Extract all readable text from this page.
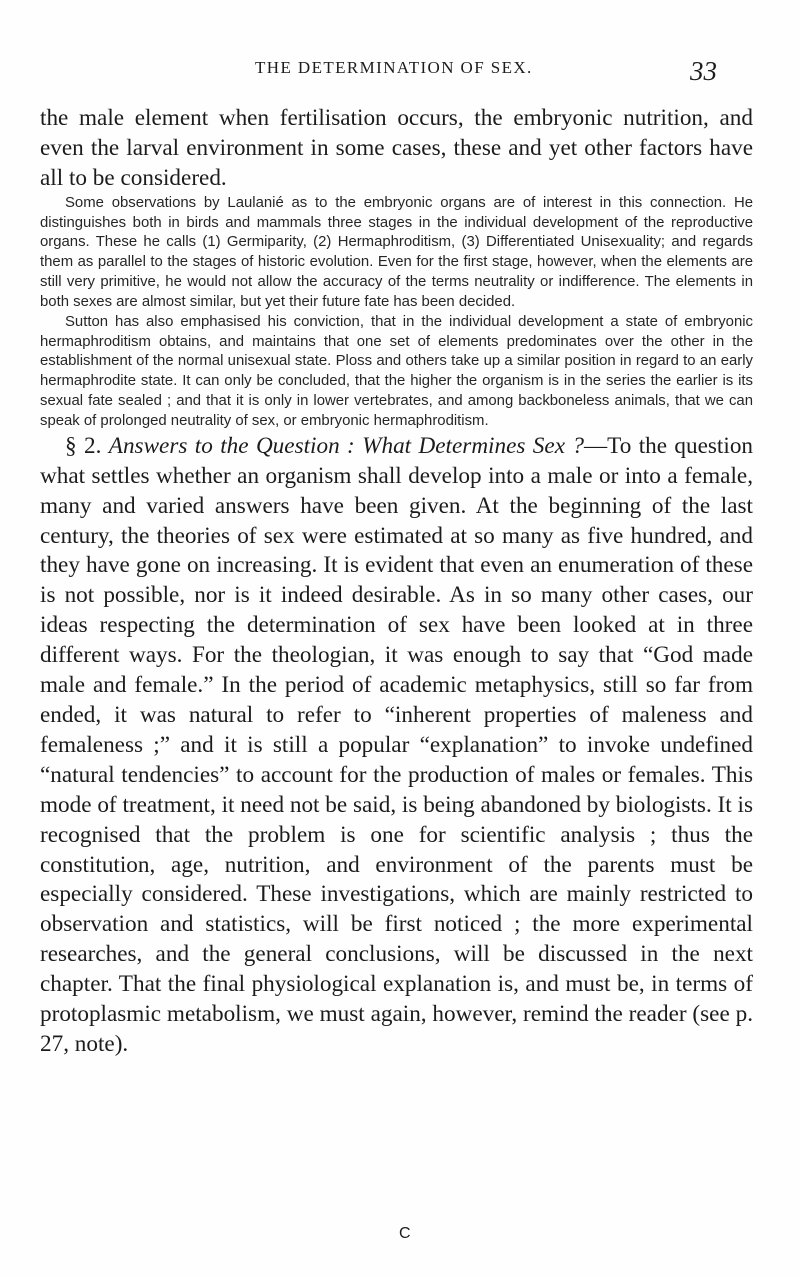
THE DETERMINATION OF SEX.	33

the male element when fertilisation occurs, the embryonic nutrition, and even the larval environment in some cases, these and yet other factors have all to be considered.

Some observations by Laulanié as to the embryonic organs are of interest in this connection. He distinguishes both in birds and mammals three stages in the individual development of the reproductive organs. These he calls (1) Germiparity, (2) Hermaphroditism, (3) Differentiated Unisexuality; and regards them as parallel to the stages of historic evolution. Even for the first stage, however, when the elements are still very primitive, he would not allow the accuracy of the terms neutrality or indifference. The elements in both sexes are almost similar, but yet their future fate has been decided.

Sutton has also emphasised his conviction, that in the individual development a state of embryonic hermaphroditism obtains, and maintains that one set of elements predominates over the other in the establishment of the normal unisexual state. Ploss and others take up a similar position in regard to an early hermaphrodite state. It can only be concluded, that the higher the organism is in the series the earlier is its sexual fate sealed ; and that it is only in lower vertebrates, and among backboneless animals, that we can speak of prolonged neutrality of sex, or embryonic hermaphroditism.

§ 2. Answers to the Question : What Determines Sex ?—To the question what settles whether an organism shall develop into a male or into a female, many and varied answers have been given. At the beginning of the last century, the theories of sex were estimated at so many as five hundred, and they have gone on increasing. It is evident that even an enumeration of these is not possible, nor is it indeed desirable. As in so many other cases, our ideas respecting the determination of sex have been looked at in three different ways. For the theologian, it was enough to say that “God made male and female.” In the period of academic metaphysics, still so far from ended, it was natural to refer to “inherent properties of maleness and femaleness ;” and it is still a popular “explanation” to invoke undefined “natural tendencies” to account for the production of males or females. This mode of treatment, it need not be said, is being abandoned by biologists. It is recognised that the problem is one for scientific analysis ; thus the constitution, age, nutrition, and environment of the parents must be especially considered. These investigations, which are mainly restricted to observation and statistics, will be first noticed ; the more experimental researches, and the general conclusions, will be discussed in the next chapter. That the final physiological explanation is, and must be, in terms of protoplasmic metabolism, we must again, however, remind the reader (see p. 27, note).

C
